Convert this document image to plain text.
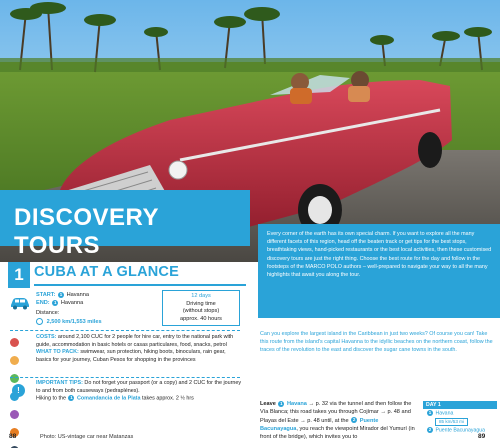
DISCOVERY TOURS	Every corner of the earth has its own special charm. If you want to explore all the many different facets of this region, head off the beaten track or get tips for the best stops, breathtaking views, hand-picked restaurants or the best local activities, then these customised discovery tours are just the right thing. Choose the best route for the day and follow in the footsteps of the MARCO POLO authors – well-prepared to navigate your way to all the many highlights that await you along the tour.
1 CUBA AT A GLANCE
START: 1 Havanna
END: 1 Havanna
Distance:
2,500 km/1,553 miles
12 days
Driving time
(without stops)
approx. 40 hours

COSTS: around 2,100 CUC for 2 people for hire car, entry to the national park with guide, accommodation in basic hotels or casas particulares, food, snacks, petrol
WHAT TO PACK: swimwear, sun protection, hiking boots, binoculars, rain gear, basics for your journey, Cuban Pesos for shopping in the provinces
!
IMPORTANT TIPS: Do not forget your passport (or a copy) and 2 CUC for the journey to and from both causeways (pedraplénes).
Hiking to the 1 Comandancia de la Plata takes approx. 2 ½ hrs
88	Photo: US-vintage car near Matanzas
Can you explore the largest island in the Caribbean in just two weeks? Of course you can! Take this route from the island's capital Havanna to the idyllic beaches on the northern coast, follow the traces of the revolution to the east and discover the sugar cane towns in the south.
Leave 1 Havana → p. 32 via the tunnel and then follow the Vía Blanca; this road takes you through Cojímar → p. 48 and Playas del Este → p. 48 until, at the 2 Puente Bacunayagua, you reach the viewpoint Mirador del Yumurí (in front of the bridge), which invites you to
DAY 1
1 Havana
85 km/53 mi
2 Puente Bacunayagua
89
